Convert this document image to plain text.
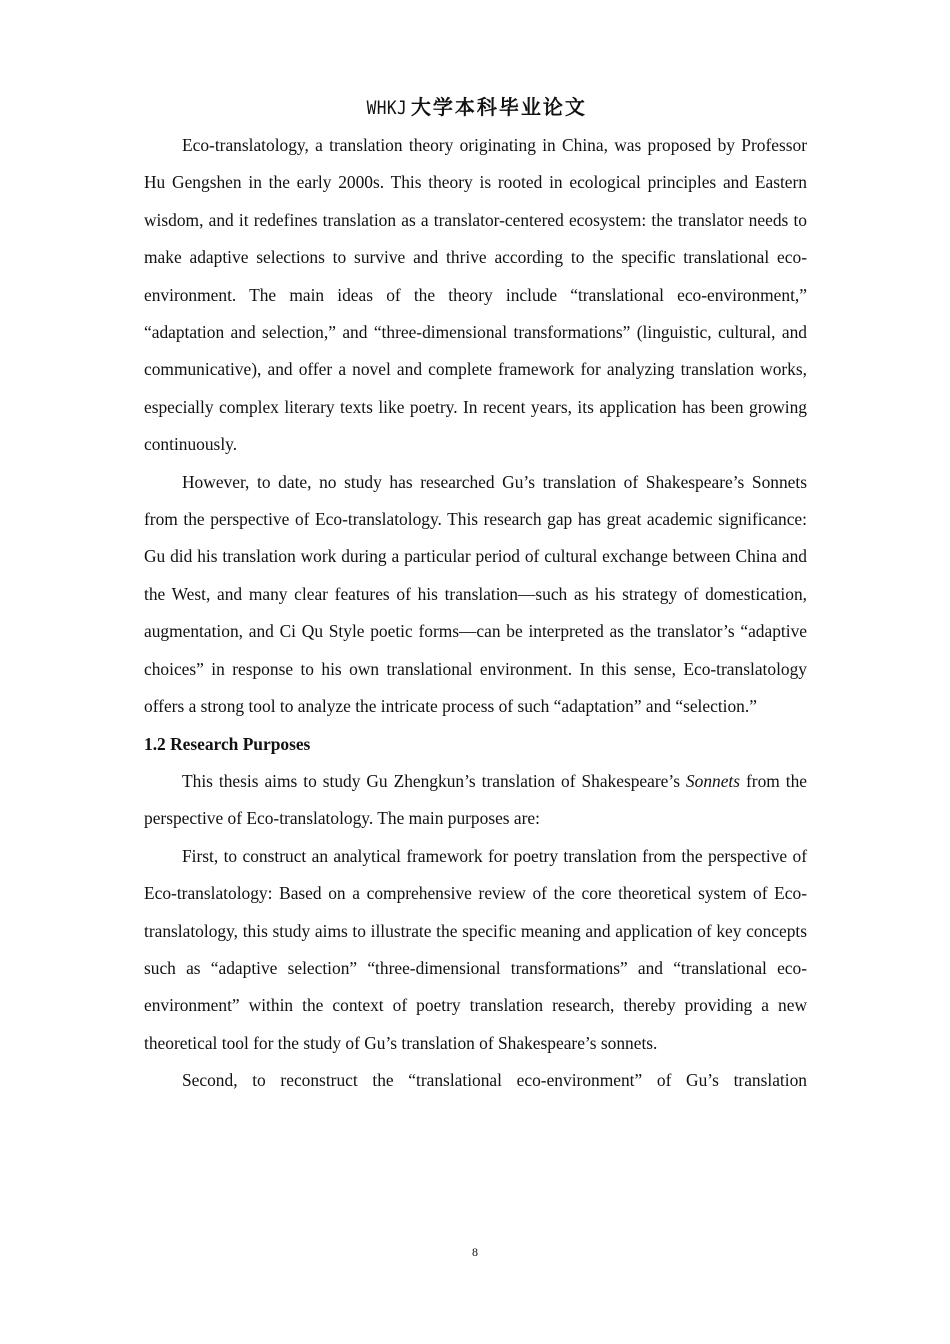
WHKJ 大学本科毕业论文

Eco-translatology, a translation theory originating in China, was proposed by Professor Hu Gengshen in the early 2000s. This theory is rooted in ecological principles and Eastern wisdom, and it redefines translation as a translator-centered ecosystem: the translator needs to make adaptive selections to survive and thrive according to the specific translational eco-environment. The main ideas of the theory include “translational eco-environment,” “adaptation and selection,” and “three-dimensional transformations” (linguistic, cultural, and communicative), and offer a novel and complete framework for analyzing translation works, especially complex literary texts like poetry. In recent years, its application has been growing continuously.

However, to date, no study has researched Gu’s translation of Shakespeare’s Sonnets from the perspective of Eco-translatology. This research gap has great academic significance: Gu did his translation work during a particular period of cultural exchange between China and the West, and many clear features of his translation—such as his strategy of domestication, augmentation, and Ci Qu Style poetic forms—can be interpreted as the translator’s “adaptive choices” in response to his own translational environment. In this sense, Eco-translatology offers a strong tool to analyze the intricate process of such “adaptation” and “selection.”

1.2 Research Purposes

This thesis aims to study Gu Zhengkun’s translation of Shakespeare’s Sonnets from the perspective of Eco-translatology. The main purposes are:

First, to construct an analytical framework for poetry translation from the perspective of Eco-translatology: Based on a comprehensive review of the core theoretical system of Eco-translatology, this study aims to illustrate the specific meaning and application of key concepts such as “adaptive selection” “three-dimensional transformations” and “translational eco-environment” within the context of poetry translation research, thereby providing a new theoretical tool for the study of Gu’s translation of Shakespeare’s sonnets.

Second, to reconstruct the “translational eco-environment” of Gu’s translation

8
